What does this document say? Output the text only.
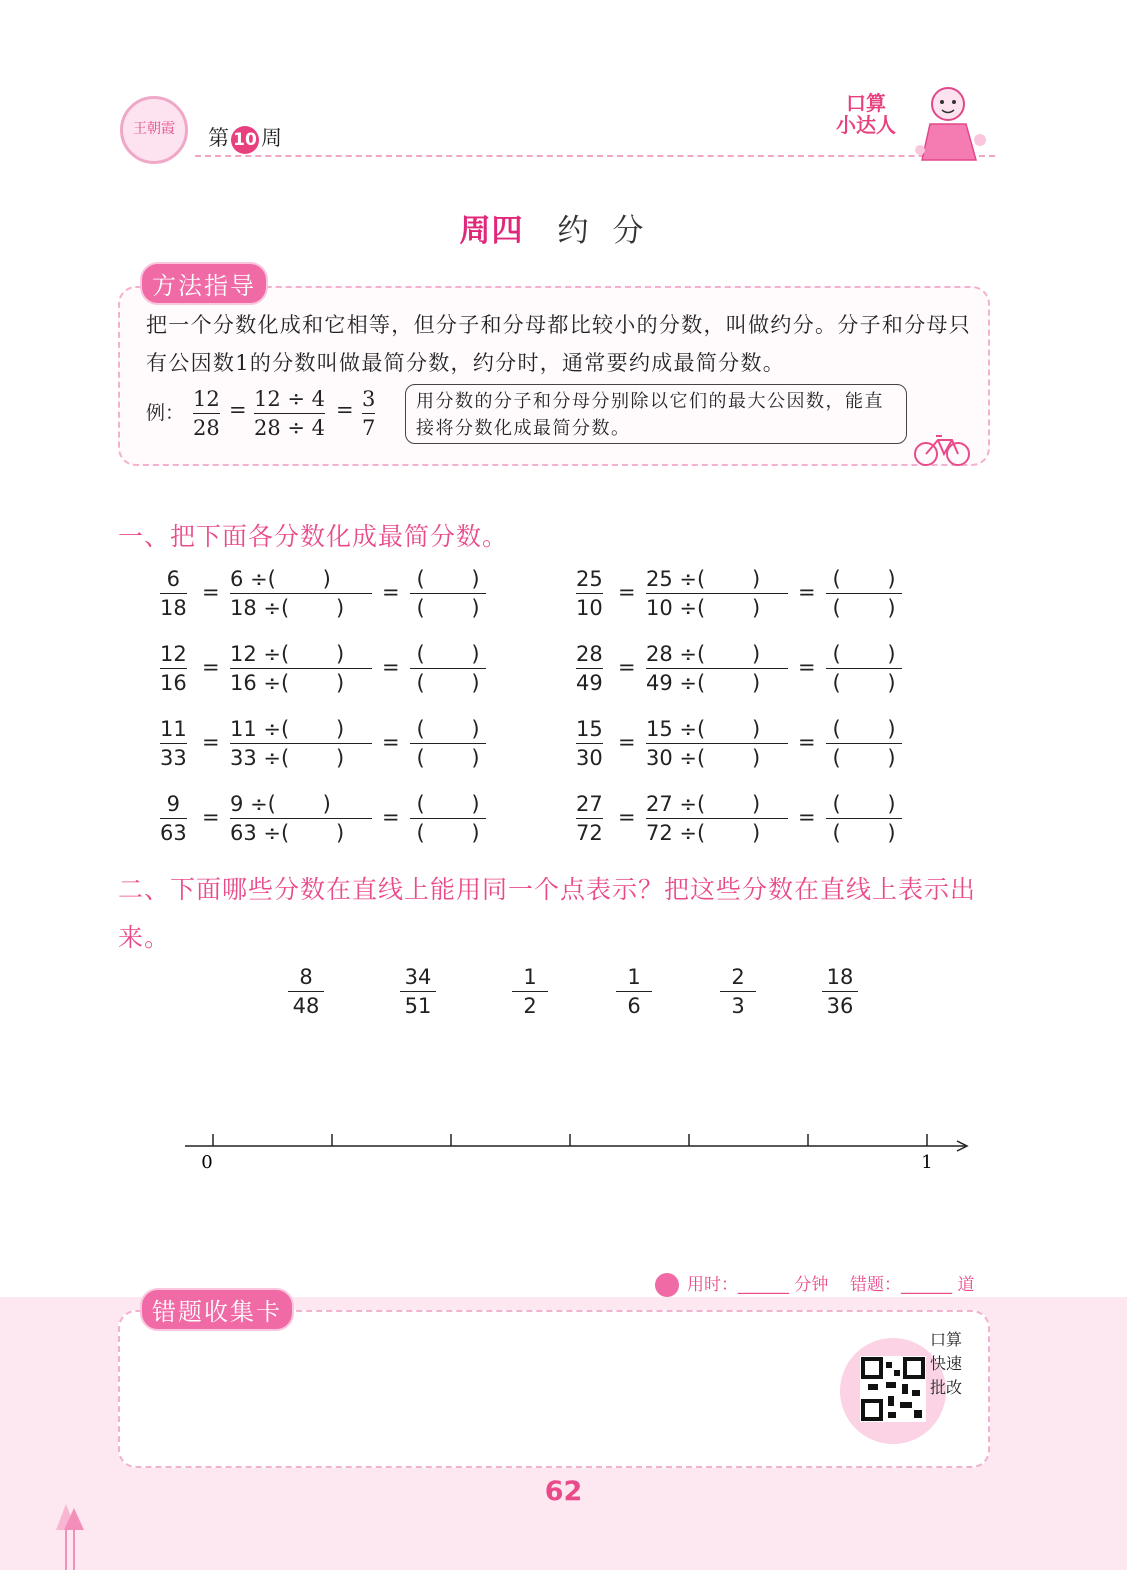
王朝霞 第 10 周
口算
小达人
周四 约分
方法指导
把一个分数化成和它相等，但分子和分母都比较小的分数，叫做约分。分子和分母只有公因数1的分数叫做最简分数，约分时，通常要约成最简分数。
例：
12
28
= 12 ÷ 4
28 ÷ 4
= 3
7
用分数的分子和分母分别除以它们的最大公因数，能直接将分数化成最简分数。
一、把下面各分数化成最简分数。
6
18
=
6 ÷(       )
18 ÷(       )
=
(       )
(       )
25
10
=
25 ÷(       )
10 ÷(       )
=
(       )
(       )
12
16
=
12 ÷(       )
16 ÷(       )
=
(       )
(       )
28
49
=
28 ÷(       )
49 ÷(       )
=
(       )
(       )
11
33
=
11 ÷(       )
33 ÷(       )
=
(       )
(       )
15
30
=
15 ÷(       )
30 ÷(       )
=
(       )
(       )
9
63
=
9 ÷(       )
63 ÷(       )
=
(       )
(       )
27
72
=
27 ÷(       )
72 ÷(       )
=
(       )
(       )
二、下面哪些分数在直线上能用同一个点表示？把这些分数在直线上表示出来。
8
48
34
51
1
2
1
6
2
3
18
36
0	1
用时：______ 分钟 错题：______ 道
错题收集卡
口算快速批改
62
